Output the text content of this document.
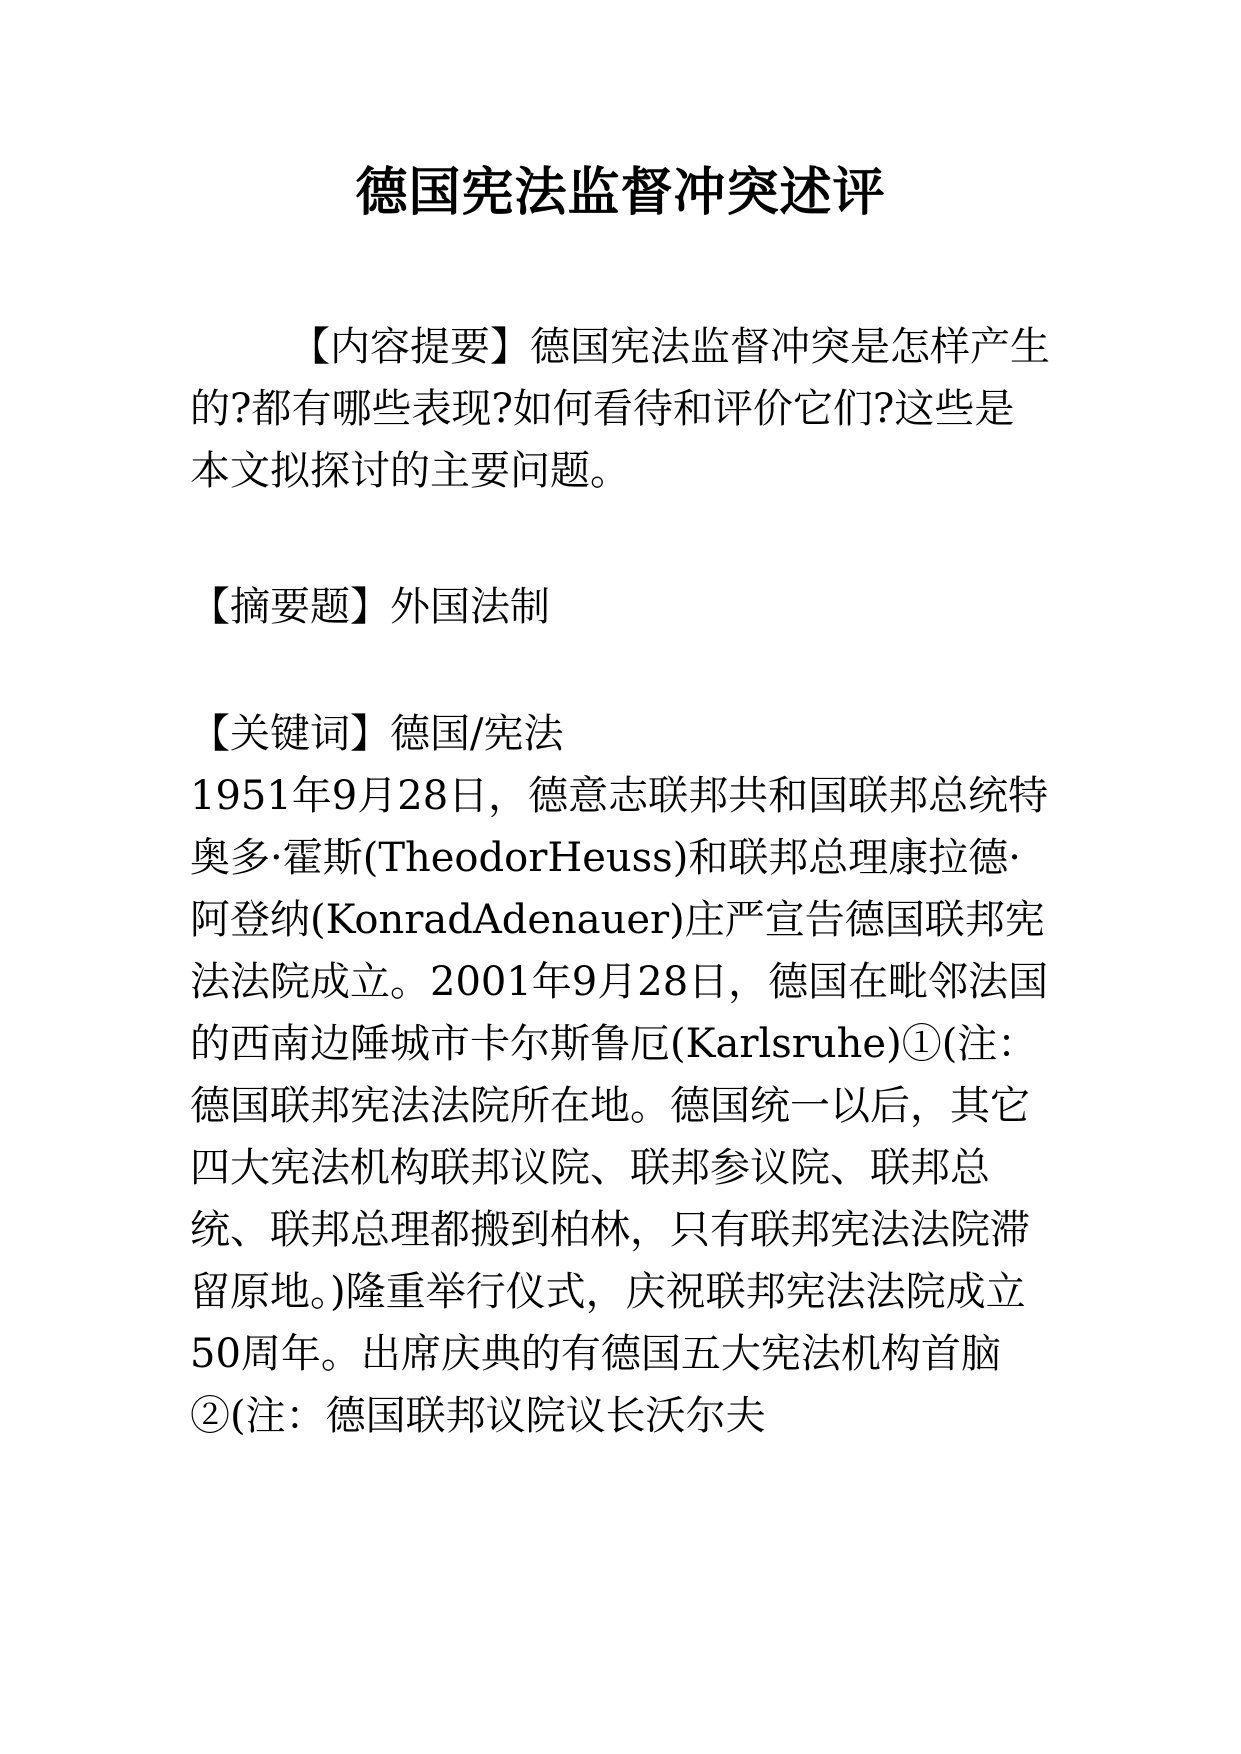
德国宪法监督冲突述评

【内容提要】德国宪法监督冲突是怎样产生的?都有哪些表现?如何看待和评价它们?这些是本文拟探讨的主要问题。

【摘要题】外国法制

【关键词】德国/宪法

1951年9月28日，德意志联邦共和国联邦总统特奥多·霍斯(TheodorHeuss)和联邦总理康拉德·阿登纳(KonradAdenauer)庄严宣告德国联邦宪法法院成立。2001年9月28日，德国在毗邻法国的西南边陲城市卡尔斯鲁厄(Karlsruhe)①(注：德国联邦宪法法院所在地。德国统一以后，其它四大宪法机构联邦议院、联邦参议院、联邦总统、联邦总理都搬到柏林，只有联邦宪法法院滞留原地。)隆重举行仪式，庆祝联邦宪法法院成立50周年。出席庆典的有德国五大宪法机构首脑②(注：德国联邦议院议长沃尔夫
